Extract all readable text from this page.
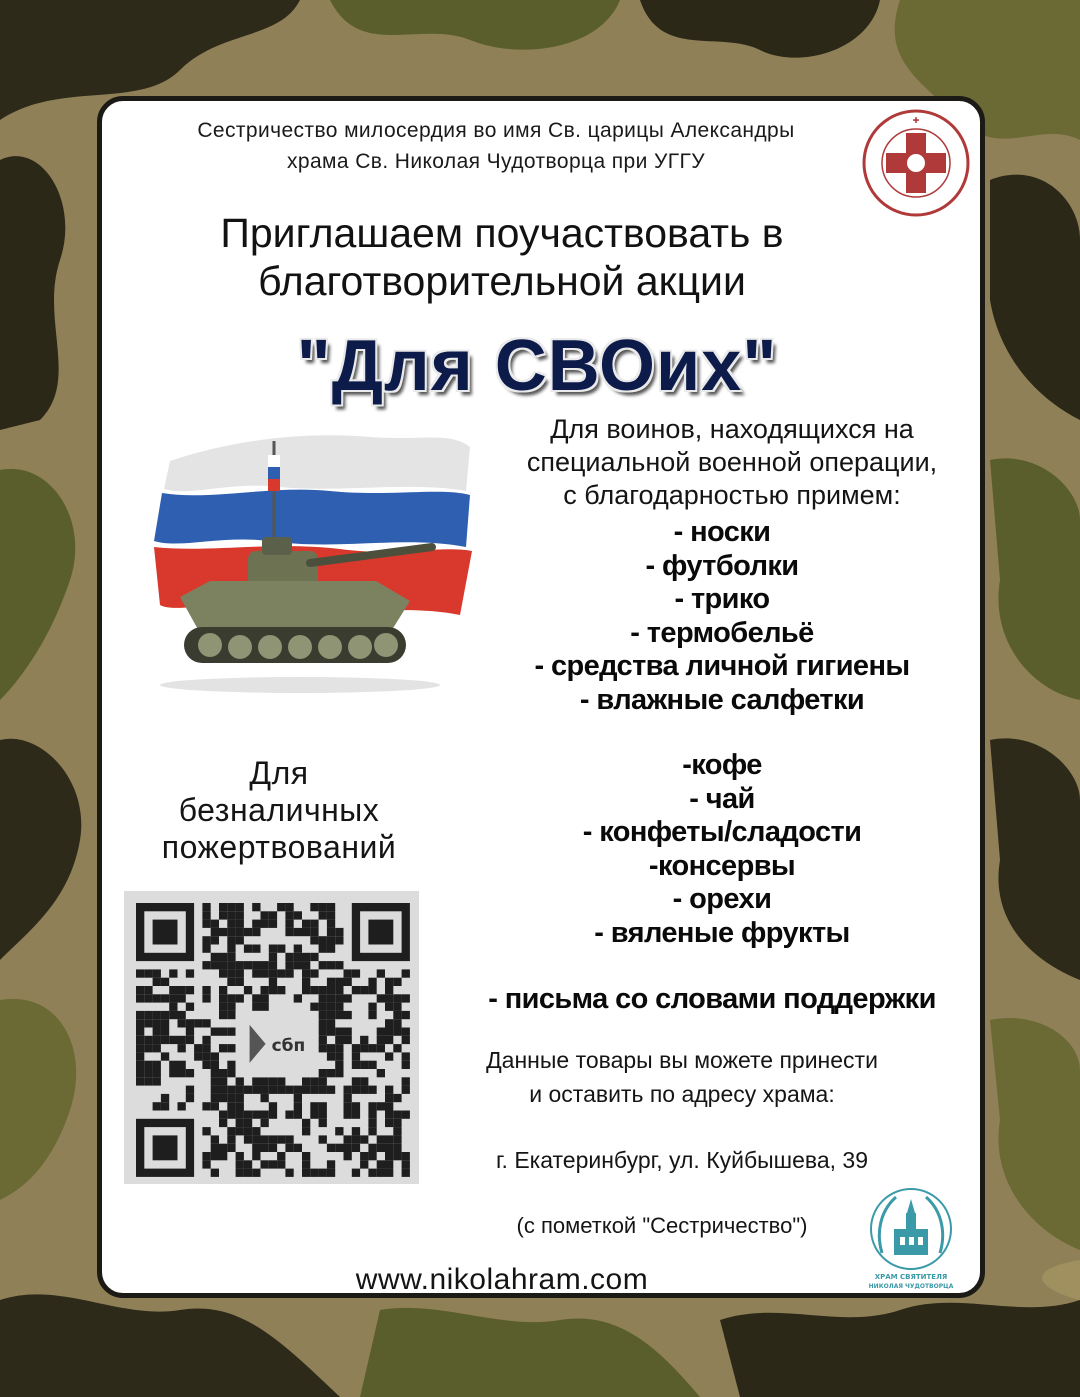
Сестричество милосердия во имя Св. царицы Александры
храма Св. Николая Чудотворца при УГГУ
✚
Приглашаем поучаствовать в
благотворительной акции
"Для СВОих"
Для воинов, находящихся на
специальной военной операции,
с благодарностью примем:
- носки
- футболки
- трико
- термобельё
- средства личной гигиены
- влажные салфетки
-кофе
- чай
- конфеты/сладости
-консервы
- орехи
- вяленые фрукты
- письма со словами поддержки
Для
безналичных
пожертвований
сбп
Данные товары вы можете принести
и оставить по адресу храма:
г. Екатеринбург, ул. Куйбышева, 39
(с пометкой "Сестричество")
ХРАМ СВЯТИТЕЛЯ
НИКОЛАЯ ЧУДОТВОРЦА
www.nikolahram.com
